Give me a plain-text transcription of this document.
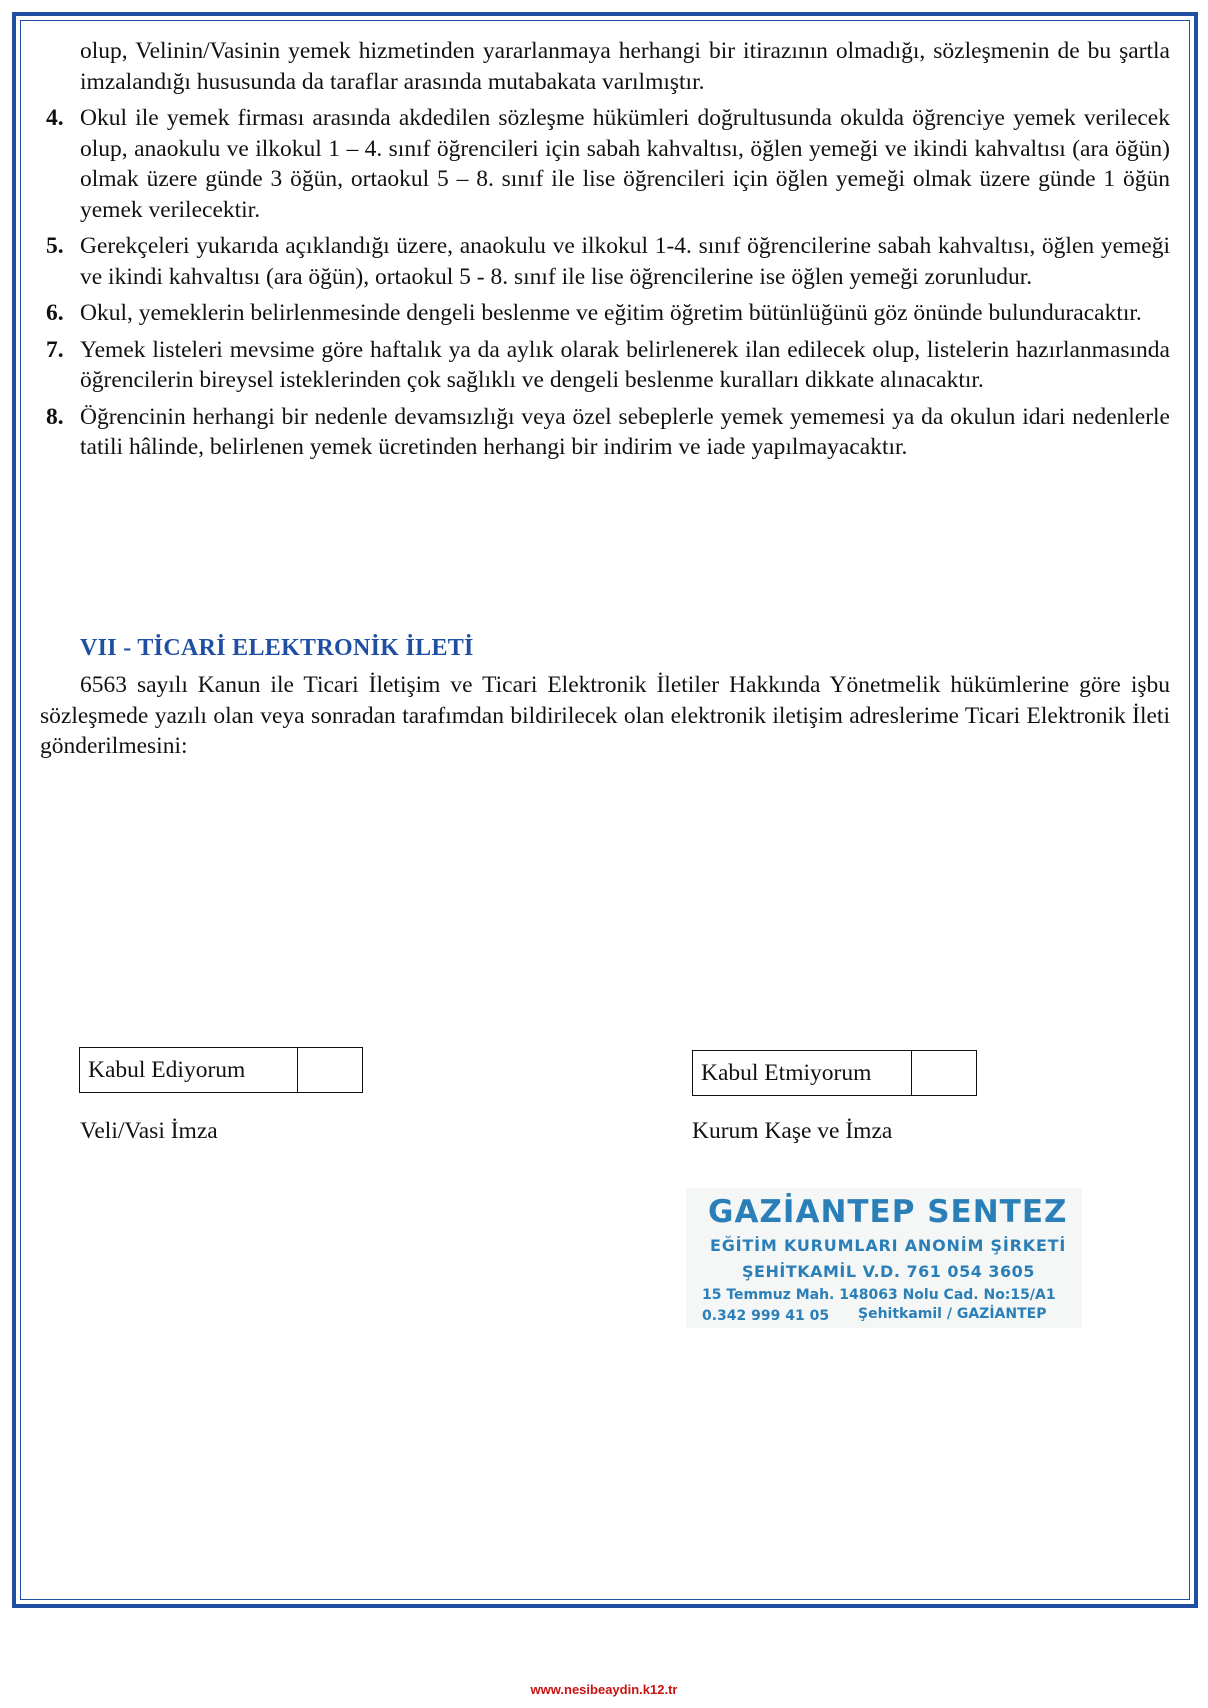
olup, Velinin/Vasinin yemek hizmetinden yararlanmaya herhangi bir itirazının olmadığı, sözleşmenin de bu şartla imzalandığı hususunda da taraflar arasında mutabakata varılmıştır.
4. Okul ile yemek firması arasında akdedilen sözleşme hükümleri doğrultusunda okulda öğrenciye yemek verilecek olup, anaokulu ve ilkokul 1 – 4. sınıf öğrencileri için sabah kahvaltısı, öğlen yemeği ve ikindi kahvaltısı (ara öğün) olmak üzere günde 3 öğün, ortaokul 5 – 8. sınıf ile lise öğrencileri için öğlen yemeği olmak üzere günde 1 öğün yemek verilecektir.
5. Gerekçeleri yukarıda açıklandığı üzere, anaokulu ve ilkokul 1-4. sınıf öğrencilerine sabah kahvaltısı, öğlen yemeği ve ikindi kahvaltısı (ara öğün), ortaokul 5 - 8. sınıf ile lise öğrencilerine ise öğlen yemeği zorunludur.
6. Okul, yemeklerin belirlenmesinde dengeli beslenme ve eğitim öğretim bütünlüğünü göz önünde bulunduracaktır.
7. Yemek listeleri mevsime göre haftalık ya da aylık olarak belirlenerek ilan edilecek olup, listelerin hazırlanmasında öğrencilerin bireysel isteklerinden çok sağlıklı ve dengeli beslenme kuralları dikkate alınacaktır.
8. Öğrencinin herhangi bir nedenle devamsızlığı veya özel sebeplerle yemek yememesi ya da okulun idari nedenlerle tatili hâlinde, belirlenen yemek ücretinden herhangi bir indirim ve iade yapılmayacaktır.
VII - TİCARİ ELEKTRONİK İLETİ
6563 sayılı Kanun ile Ticari İletişim ve Ticari Elektronik İletiler Hakkında Yönetmelik hükümlerine göre işbu sözleşmede yazılı olan veya sonradan tarafımdan bildirilecek olan elektronik iletişim adreslerime Ticari Elektronik İleti gönderilmesini:
Kabul Ediyorum	Kabul Etmiyorum
Veli/Vasi İmza	Kurum Kaşe ve İmza
GAZİANTEP SENTEZ
EĞİTİM KURUMLARI ANONİM ŞİRKETİ
ŞEHİTKAMİL V.D. 761 054 3605
15 Temmuz Mah. 148063 Nolu Cad. No:15/A1
0.342 999 41 05 Şehitkamil / GAZİANTEP
www.nesibeaydin.k12.tr
